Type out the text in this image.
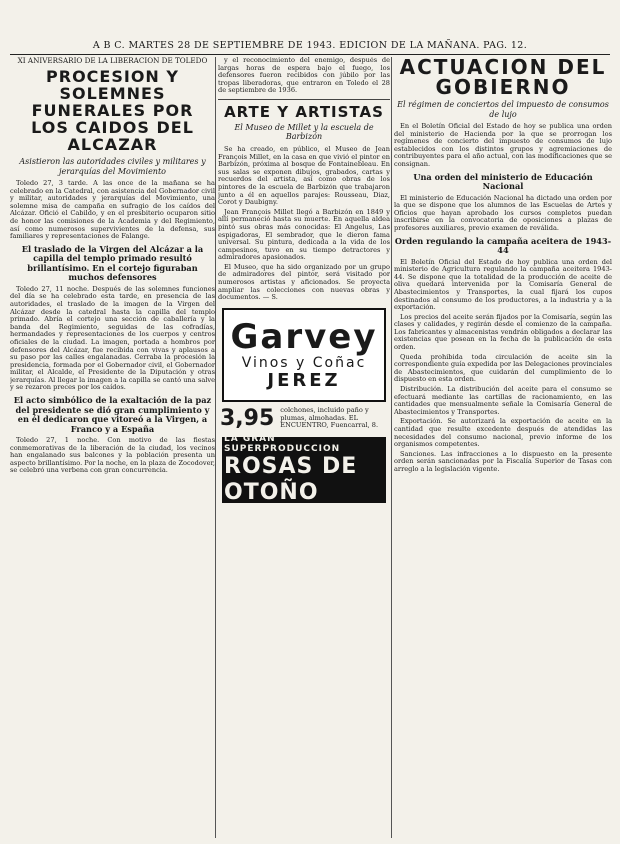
A B C. MARTES 28 DE SEPTIEMBRE DE 1943. EDICION DE LA MAÑANA. PAG. 12.
XI ANIVERSARIO DE LA LIBERACION DE TOLEDO
PROCESION Y SOLEMNES FUNERALES POR LOS CAIDOS DEL ALCAZAR
Asistieron las autoridades civiles y militares y jerarquías del Movimiento

Toledo 27, 3 tarde. A las once de la mañana se ha celebrado en la Catedral, con asistencia del Gobernador civil y militar, autoridades y jerarquías del Movimiento, una solemne misa de campaña en sufragio de los caídos del Alcázar. Ofició el Cabildo, y en el presbiterio ocuparon sitio de honor las comisiones de la Academia y del Regimiento, así como numerosos supervivientes de la defensa, sus familiares y representaciones de Falange.

El traslado de la Virgen del Alcázar a la capilla del templo primado resultó brillantísimo. En el cortejo figuraban muchos defensores

Toledo 27, 11 noche. Después de las solemnes funciones del día se ha celebrado esta tarde, en presencia de las autoridades, el traslado de la imagen de la Virgen del Alcázar desde la catedral hasta la capilla del templo primado. Abría el cortejo una sección de caballería y la banda del Regimiento, seguidas de las cofradías, hermandades y representaciones de los cuerpos y centros oficiales de la ciudad. La imagen, portada a hombros por defensores del Alcázar, fue recibida con vivas y aplausos a su paso por las calles engalanadas. Cerraba la procesión la presidencia, formada por el Gobernador civil, el Gobernador militar, el Alcalde, el Presidente de la Diputación y otras jerarquías. Al llegar la imagen a la capilla se cantó una salve y se rezaron preces por los caídos.

El acto simbólico de la exaltación de la paz del presidente se dió gran cumplimiento y en él dedicaron que vitoreó a la Virgen, a Franco y a España

Toledo 27, 1 noche. Con motivo de las fiestas conmemorativas de la liberación de la ciudad, los vecinos han engalanado sus balcones y la población presenta un aspecto brillantísimo. Por la noche, en la plaza de Zocodover, se celebró una verbena con gran concurrencia.

y el reconocimiento del enemigo, después de largas horas de espera bajo el fuego, los defensores fueron recibidos con júbilo por las tropas liberadoras, que entraron en Toledo el 28 de septiembre de 1936.

ARTE Y ARTISTAS
El Museo de Millet y la escuela de Barbizón

Se ha creado, en público, el Museo de Jean François Millet, en la casa en que vivió el pintor en Barbizón, próxima al bosque de Fontainebleau. En sus salas se exponen dibujos, grabados, cartas y recuerdos del artista, así como obras de los pintores de la escuela de Barbizón que trabajaron junto a él en aquellos parajes: Rousseau, Diaz, Corot y Daubigny.

Jean François Millet llegó a Barbizón en 1849 y allí permaneció hasta su muerte. En aquella aldea pintó sus obras más conocidas: El Angelus, Las espigadoras, El sembrador, que le dieron fama universal. Su pintura, dedicada a la vida de los campesinos, tuvo en su tiempo detractores y admiradores apasionados.

El Museo, que ha sido organizado por un grupo de admiradores del pintor, será visitado por numerosos artistas y aficionados. Se proyecta ampliar las colecciones con nuevas obras y documentos. — S.

Garvey
Vinos y Coñac
JEREZ
3,95 colchones, incluido paño y plumas, almohadas. EL ENCUENTRO, Fuencarral, 8.
LA GRAN SUPERPRODUCCION
ROSAS DE OTOÑO
ACTUACION DEL GOBIERNO
El régimen de conciertos del impuesto de consumos de lujo

En el Boletín Oficial del Estado de hoy se publica una orden del ministerio de Hacienda por la que se prorrogan los regímenes de concierto del impuesto de consumos de lujo establecidos con los distintos grupos y agremiaciones de contribuyentes para el año actual, con las modificaciones que se consignan.

Una orden del ministerio de Educación Nacional

El ministerio de Educación Nacional ha dictado una orden por la que se dispone que los alumnos de las Escuelas de Artes y Oficios que hayan aprobado los cursos completos puedan inscribirse en la convocatoria de oposiciones a plazas de profesores auxiliares, previo examen de reválida.

Orden regulando la campaña aceitera de 1943-44

El Boletín Oficial del Estado de hoy publica una orden del ministerio de Agricultura regulando la campaña aceitera 1943-44. Se dispone que la totalidad de la producción de aceite de oliva quedará intervenida por la Comisaría General de Abastecimientos y Transportes, la cual fijará los cupos destinados al consumo de los productores, a la industria y a la exportación.

Los precios del aceite serán fijados por la Comisaría, según las clases y calidades, y regirán desde el comienzo de la campaña. Los fabricantes y almacenistas vendrán obligados a declarar las existencias que posean en la fecha de la publicación de esta orden.

Queda prohibida toda circulación de aceite sin la correspondiente guía expedida por las Delegaciones provinciales de Abastecimientos, que cuidarán del cumplimiento de lo dispuesto en esta orden.

Distribución. La distribución del aceite para el consumo se efectuará mediante las cartillas de racionamiento, en las cantidades que mensualmente señale la Comisaría General de Abastecimientos y Transportes.

Exportación. Se autorizará la exportación de aceite en la cantidad que resulte excedente después de atendidas las necesidades del consumo nacional, previo informe de los organismos competentes.

Sanciones. Las infracciones a lo dispuesto en la presente orden serán sancionadas por la Fiscalía Superior de Tasas con arreglo a la legislación vigente.
